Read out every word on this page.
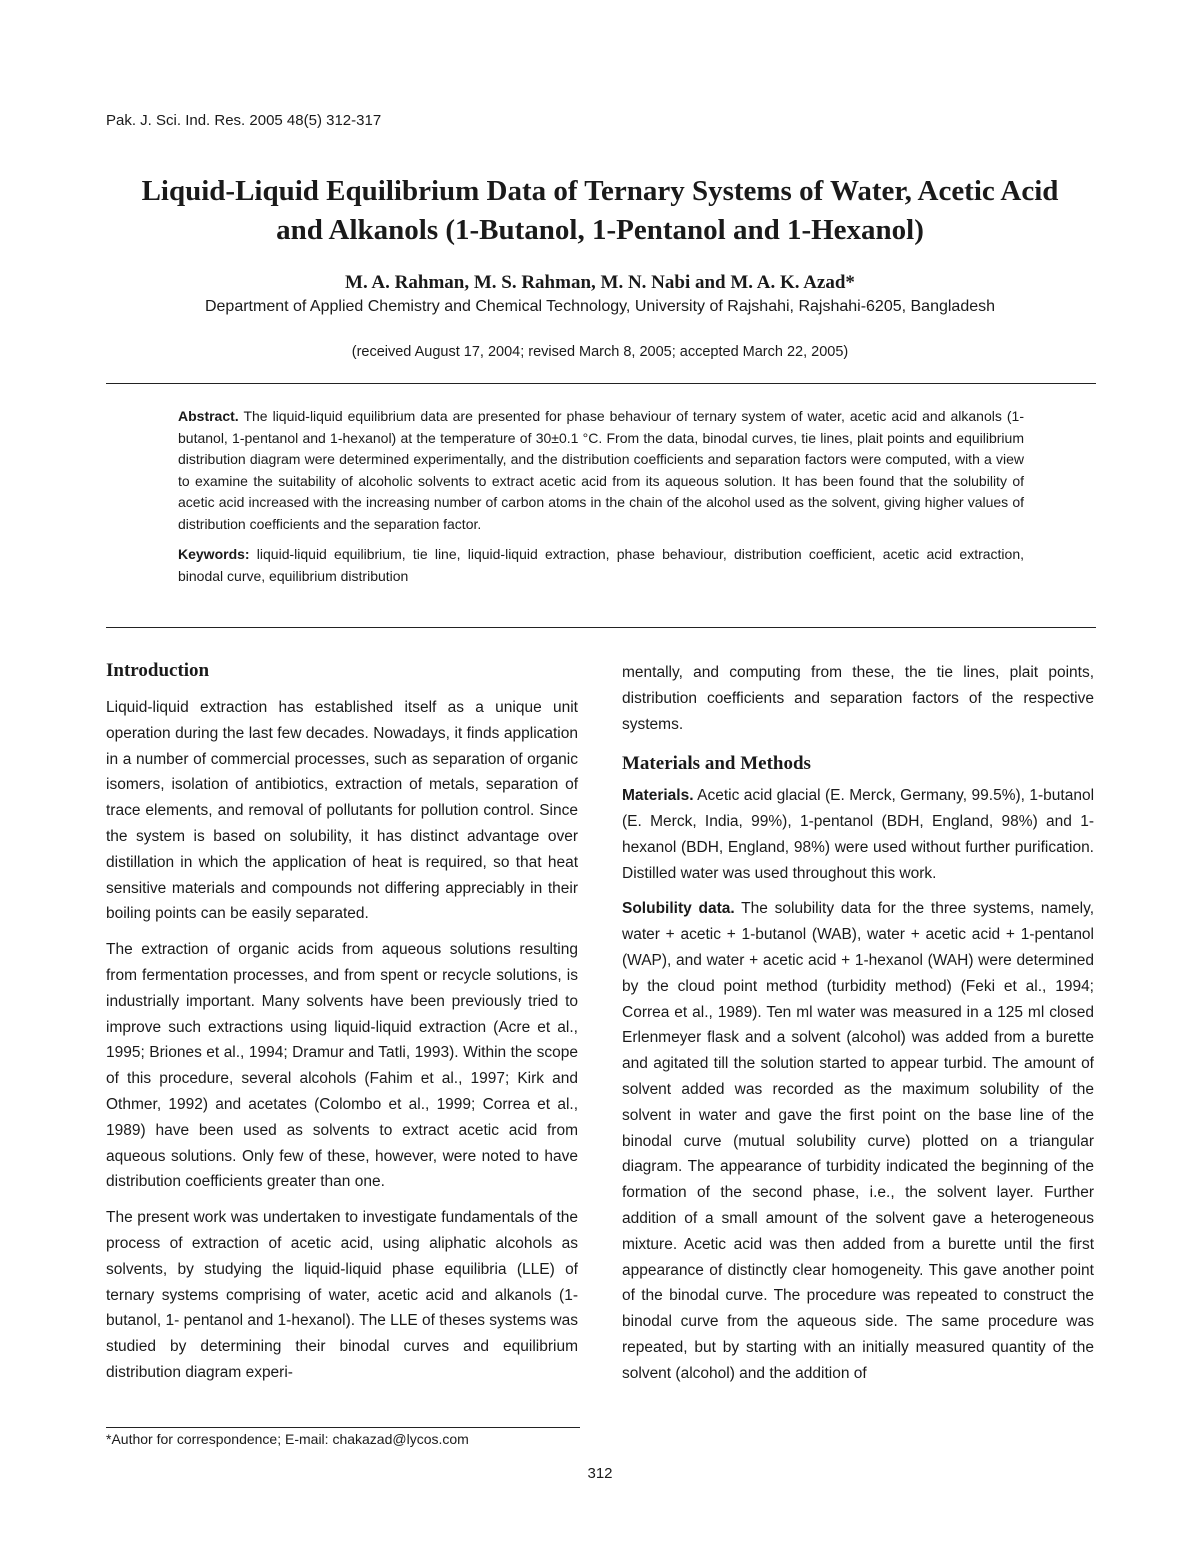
Pak. J. Sci. Ind. Res. 2005 48(5) 312-317
Liquid-Liquid Equilibrium Data of Ternary Systems of Water, Acetic Acid
and Alkanols (1-Butanol, 1-Pentanol and 1-Hexanol)
M. A. Rahman, M. S. Rahman, M. N. Nabi and M. A. K. Azad*
Department of Applied Chemistry and Chemical Technology, University of Rajshahi, Rajshahi-6205, Bangladesh
(received August 17, 2004; revised March 8, 2005; accepted March 22, 2005)
Abstract. The liquid-liquid equilibrium data are presented for phase behaviour of ternary system of water, acetic acid and alkanols (1-butanol, 1-pentanol and 1-hexanol) at the temperature of 30±0.1 °C. From the data, binodal curves, tie lines, plait points and equilibrium distribution diagram were determined experimentally, and the distribution coefficients and separation factors were computed, with a view to examine the suitability of alcoholic solvents to extract acetic acid from its aqueous solution. It has been found that the solubility of acetic acid increased with the increasing number of carbon atoms in the chain of the alcohol used as the solvent, giving higher values of distribution coefficients and the separation factor.
Keywords: liquid-liquid equilibrium, tie line, liquid-liquid extraction, phase behaviour, distribution coefficient, acetic acid extraction, binodal curve, equilibrium distribution
Introduction

Liquid-liquid extraction has established itself as a unique unit operation during the last few decades. Nowadays, it finds application in a number of commercial processes, such as separation of organic isomers, isolation of antibiotics, extraction of metals, separation of trace elements, and removal of pollutants for pollution control. Since the system is based on solubility, it has distinct advantage over distillation in which the application of heat is required, so that heat sensitive materials and compounds not differing appreciably in their boiling points can be easily separated.

The extraction of organic acids from aqueous solutions resulting from fermentation processes, and from spent or recycle solutions, is industrially important. Many solvents have been previously tried to improve such extractions using liquid-liquid extraction (Acre et al., 1995; Briones et al., 1994; Dramur and Tatli, 1993). Within the scope of this procedure, several alcohols (Fahim et al., 1997; Kirk and Othmer, 1992) and acetates (Colombo et al., 1999; Correa et al., 1989) have been used as solvents to extract acetic acid from aqueous solutions. Only few of these, however, were noted to have distribution coefficients greater than one.

The present work was undertaken to investigate fundamentals of the process of extraction of acetic acid, using aliphatic alcohols as solvents, by studying the liquid-liquid phase equilibria (LLE) of ternary systems comprising of water, acetic acid and alkanols (1-butanol, 1- pentanol and 1-hexanol). The LLE of theses systems was studied by determining their binodal curves and equilibrium distribution diagram experi-

mentally, and computing from these, the tie lines, plait points, distribution coefficients and separation factors of the respective systems.

Materials and Methods

Materials. Acetic acid glacial (E. Merck, Germany, 99.5%), 1-butanol (E. Merck, India, 99%), 1-pentanol (BDH, England, 98%) and 1-hexanol (BDH, England, 98%) were used without further purification. Distilled water was used throughout this work.

Solubility data. The solubility data for the three systems, namely, water + acetic + 1-butanol (WAB), water + acetic acid + 1-pentanol (WAP), and water + acetic acid + 1-hexanol (WAH) were determined by the cloud point method (turbidity method) (Feki et al., 1994; Correa et al., 1989). Ten ml water was measured in a 125 ml closed Erlenmeyer flask and a solvent (alcohol) was added from a burette and agitated till the solution started to appear turbid. The amount of solvent added was recorded as the maximum solubility of the solvent in water and gave the first point on the base line of the binodal curve (mutual solubility curve) plotted on a triangular diagram. The appearance of turbidity indicated the beginning of the formation of the second phase, i.e., the solvent layer. Further addition of a small amount of the solvent gave a heterogeneous mixture. Acetic acid was then added from a burette until the first appearance of distinctly clear homogeneity. This gave another point of the binodal curve. The procedure was repeated to construct the binodal curve from the aqueous side. The same procedure was repeated, but by starting with an initially measured quantity of the solvent (alcohol) and the addition of

*Author for correspondence; E-mail: chakazad@lycos.com
312
